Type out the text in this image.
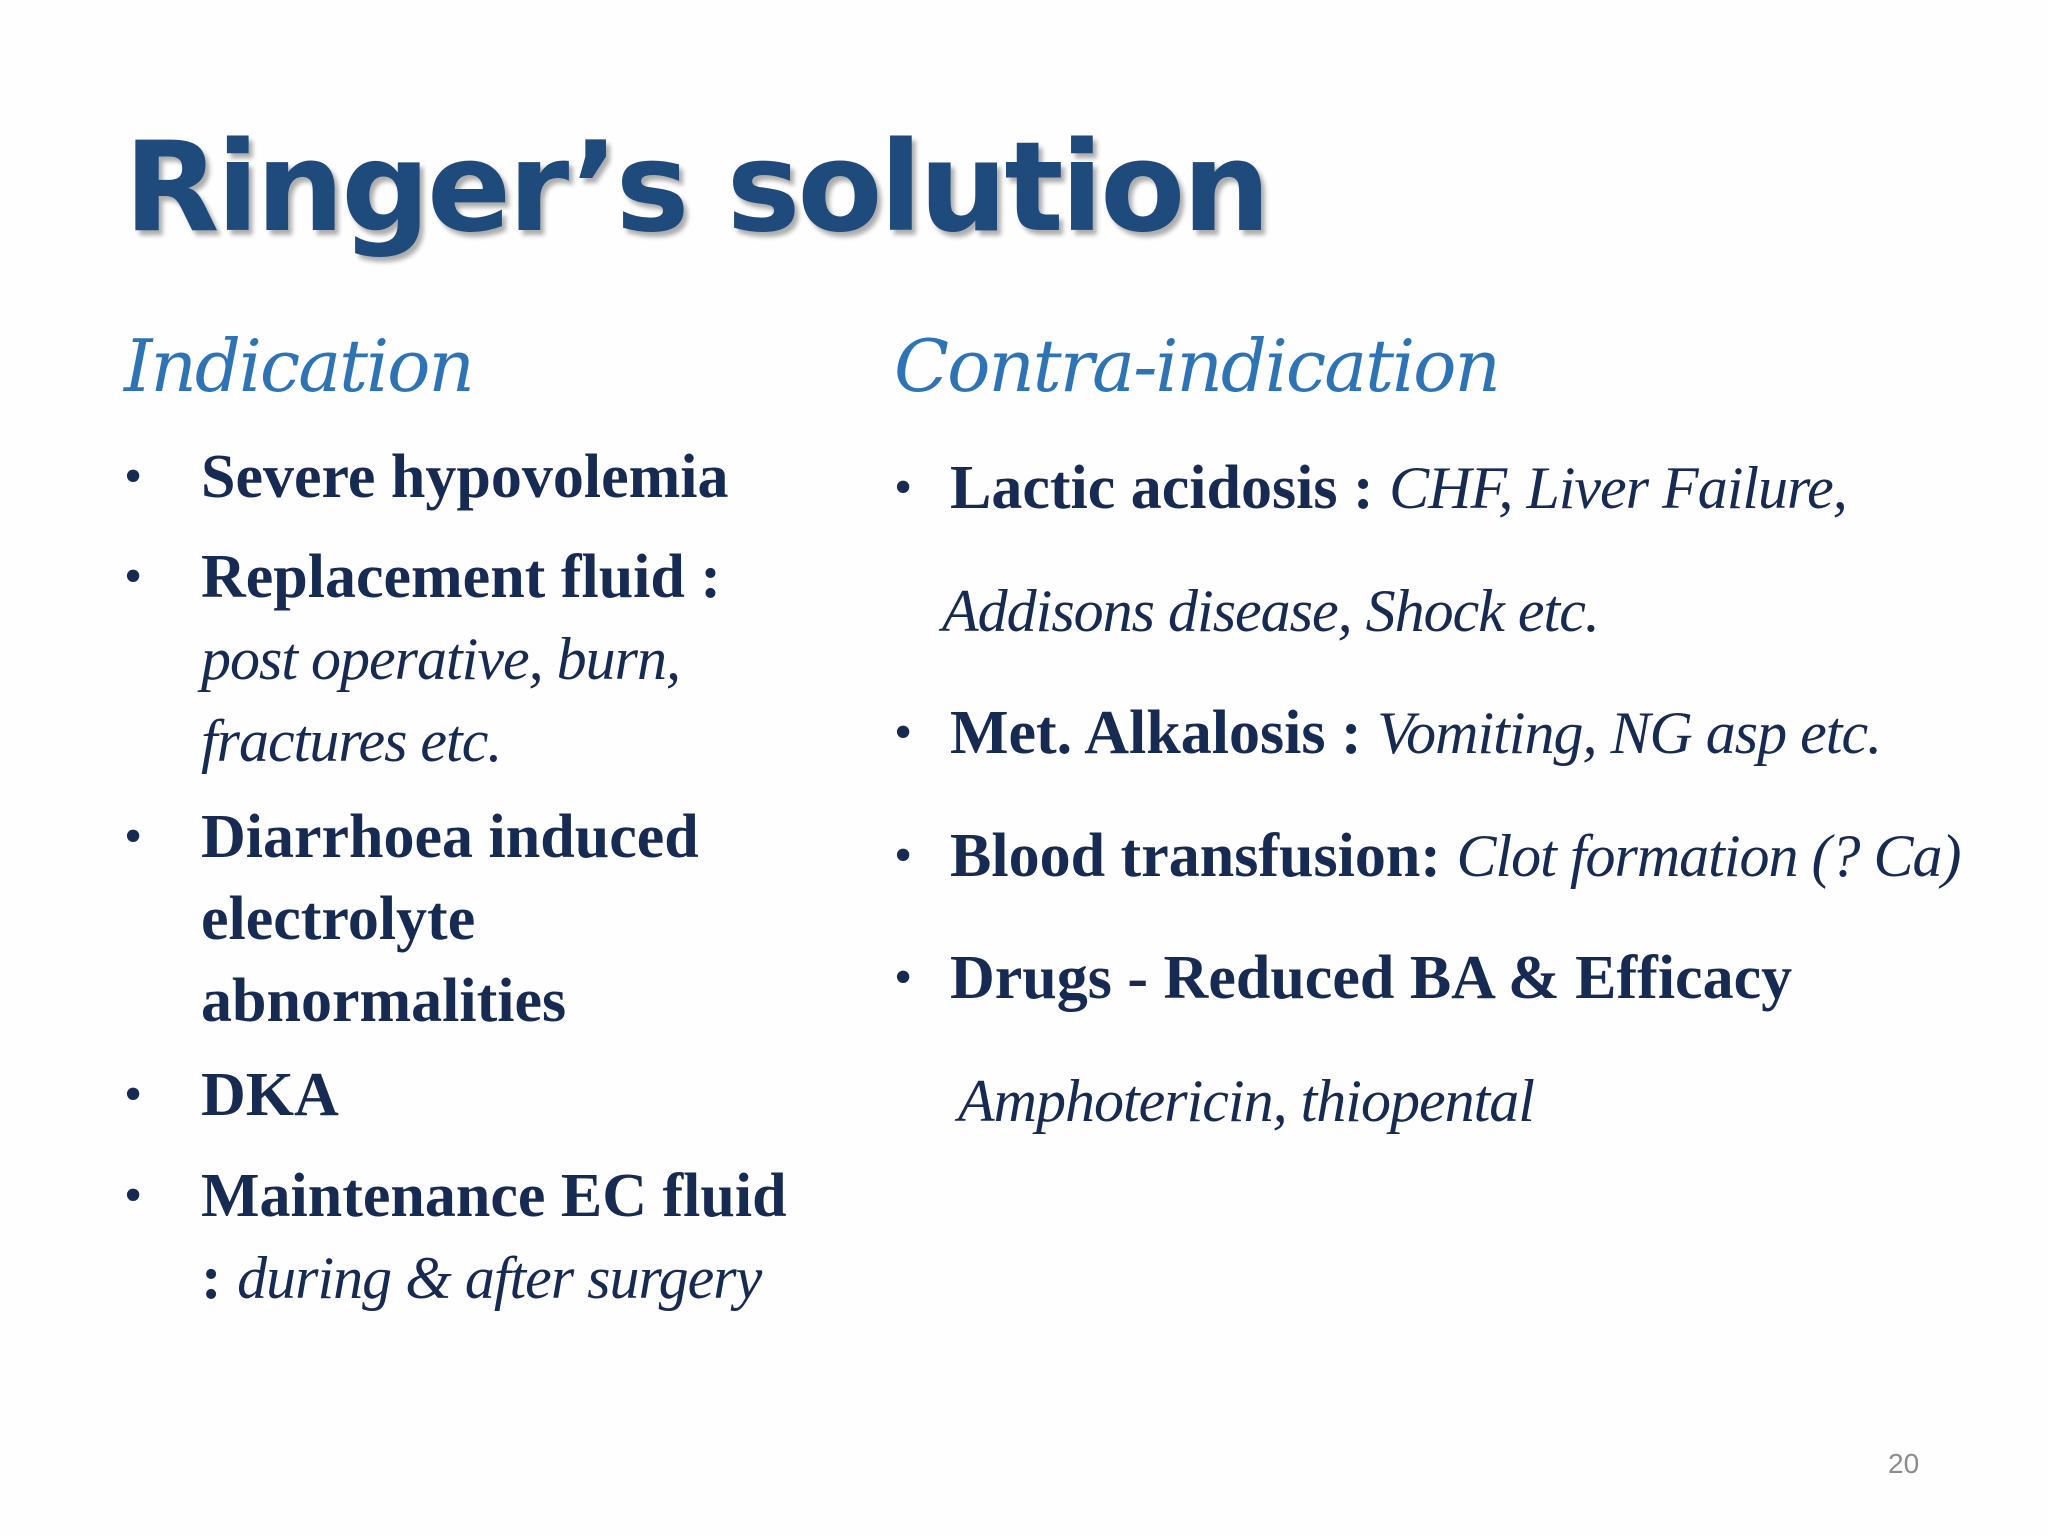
Ringer’s solution
Indication
• Severe hypovolemia
• Replacement fluid :
post operative, burn, fractures etc.
• Diarrhoea induced electrolyte abnormalities
• DKA
• Maintenance EC fluid
: during & after surgery
Contra-indication
• Lactic acidosis : CHF, Liver Failure,
• Met. Alkalosis : Vomiting, NG asp etc.
• Blood transfusion: Clot formation (? Ca)
• Drugs - Reduced BA & Efficacy
Addisons disease, Shock etc.
Amphotericin, thiopental
20
